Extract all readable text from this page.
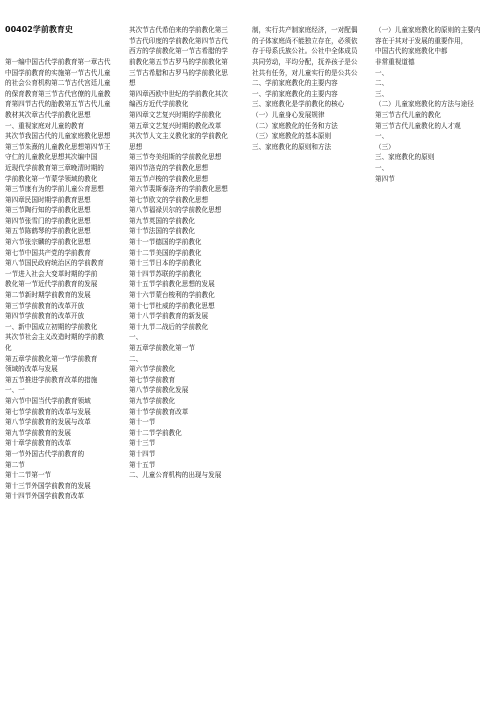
00402学前教育史

第一编中国古代学前教育第一章古代
中国学前教育的实施第一节古代儿童
的社会公育机构第二节古代宫廷儿童
的保育教育第三节古代官僚的儿童教
育第四节古代的胎教第五节古代儿童
教材其次章古代学前教化思想
一、重视家庭对儿童的教育
其次节我国古代的儿童家庭教化思想
第三节朱熹的儿童教化思想第四节王
守仁的儿童教化思想其次编中国
近现代学前教育第三章晚清时期的
学前教化第一节蒙学领域的教化
第三节康有为的学前儿童公育思想
第四章民国时期学前教育思想
第三节陶行知的学前教化思想
第四节张雪门的学前教化思想
第五节陈鹤琴的学前教化思想
第六节张宗麟的学前教化思想
第七节中国共产党的学前教育
第八节国民政府统治区的学前教育
一节进入社会大变革时期的学前
教化第一节近代学前教育的发展
第二节新时期学前教育的发展
第三节学前教育的改革开放
第四节学前教育的改革开放
一、新中国成立初期的学前教化
其次节社会主义改造时期的学前教
化
第五章学前教化第一节学前教育
领域的改革与发展
第五节推进学前教育改革的措施
一、一
第六节中国当代学前教育领域
第七节学前教育的改革与发展
第八节学前教育的发展与改革
第九节学前教育的发展
第十章学前教育的改革
第一节外国古代学前教育的
第二节
第十二节第一节
第十三节外国学前教育的发展
第十四节外国学前教育改革

其次节古代希伯来的学前教化第三
节古代印度的学前教化第四节古代
西方的学前教化第一节古希腊的学
前教化第五节古罗马的学前教化第
三节古希腊和古罗马的学前教化思
想
第四章西欧中世纪的学前教化其次
编西方近代学前教化
第四章文艺复兴时期的学前教化
第五章文艺复兴时期的教化改革
其次节人文主义教化家的学前教化
思想
第三节夸美纽斯的学前教化思想
第四节洛克的学前教化思想
第五节卢梭的学前教化思想
第六节裴斯泰洛齐的学前教化思想
第七节欧文的学前教化思想
第八节福禄贝尔的学前教化思想
第九节英国的学前教化
第十节法国的学前教化
第十一节德国的学前教化
第十二节美国的学前教化
第十三节日本的学前教化
第十四节苏联的学前教化
第十五节学前教化思想的发展
第十六节蒙台梭利的学前教化
第十七节杜威的学前教化思想
第十八节学前教育的新发展
第十九节二战后的学前教化
一、
第五章学前教化第一节
二、
第六节学前教化
第七节学前教育
第八节学前教化发展
第九节学前教化
第十节学前教育改革
第十一节
第十二节学前教化
第十三节
第十四节
第十五节
二、儿童公育机构的出现与发展

制，实行共产制家庭经济，一对配偶
的子体家庭尚不能独立存在，必须依
存于母系氏族公社。公社中全体成员
共同劳动，平均分配，抚养孩子是公
社共有任务，对儿童实行的是公共公
二、学前家庭教化的主要内容
一、学前家庭教化的主要内容
三、家庭教化是学前教化的核心
（一）儿童身心发展规律
（二）家庭教化的任务和方法
（三）家庭教化的基本原则
三、家庭教化的原则和方法

（一）儿童家庭教化的原则的主要内
容在于其对于发展的重要作用，
中国古代的家庭教化中都
非常重视道德
一、
二、
三、
（二）儿童家庭教化的方法与途径
第三节古代儿童的教化
第三节古代儿童教化的人才观
一、
（三）
三、家庭教化的原则
一、
第四节
